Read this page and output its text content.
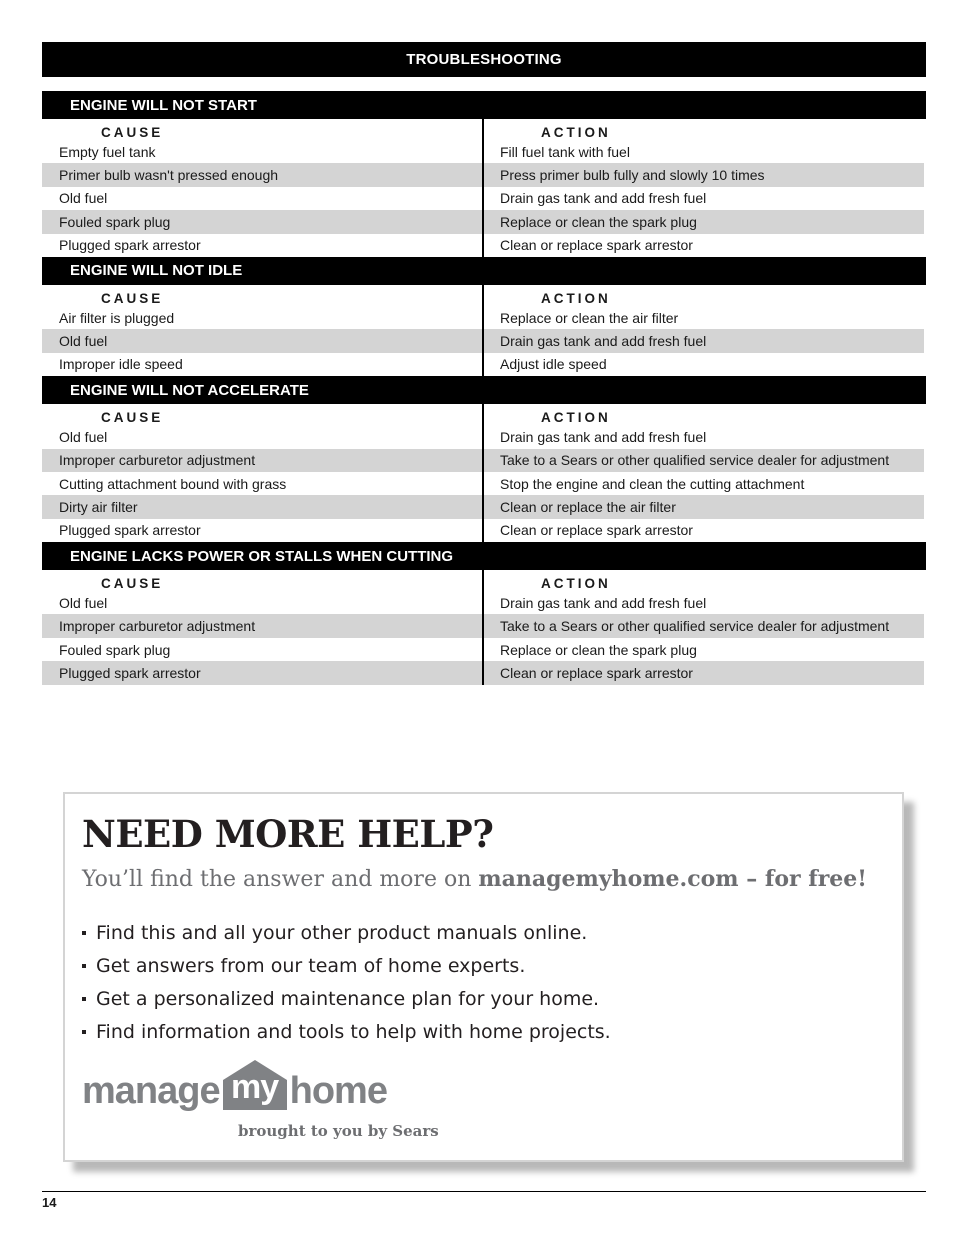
TROUBLESHOOTING
ENGINE WILL NOT START
CAUSE	ACTION
Empty fuel tank	Fill fuel tank with fuel
Primer bulb wasn't pressed enough	Press primer bulb fully and slowly 10 times
Old fuel	Drain gas tank and add fresh fuel
Fouled spark plug	Replace or clean the spark plug
Plugged spark arrestor	Clean or replace spark arrestor
ENGINE WILL NOT IDLE
CAUSE	ACTION
Air filter is plugged	Replace or clean the air filter
Old fuel	Drain gas tank and add fresh fuel
Improper idle speed	Adjust idle speed
ENGINE WILL NOT ACCELERATE
CAUSE	ACTION
Old fuel	Drain gas tank and add fresh fuel
Improper carburetor adjustment	Take to a Sears or other qualified service dealer for adjustment
Cutting attachment bound with grass	Stop the engine and clean the cutting attachment
Dirty air filter	Clean or replace the air filter
Plugged spark arrestor	Clean or replace spark arrestor
ENGINE LACKS POWER OR STALLS WHEN CUTTING
CAUSE	ACTION
Old fuel	Drain gas tank and add fresh fuel
Improper carburetor adjustment	Take to a Sears or other qualified service dealer for adjustment
Fouled spark plug	Replace or clean the spark plug
Plugged spark arrestor	Clean or replace spark arrestor
NEED MORE HELP?
You’ll find the answer and more on managemyhome.com – for free!
Find this and all your other product manuals online.
Get answers from our team of home experts.
Get a personalized maintenance plan for your home.
Find information and tools to help with home projects.
manage my home
brought to you by Sears
14
